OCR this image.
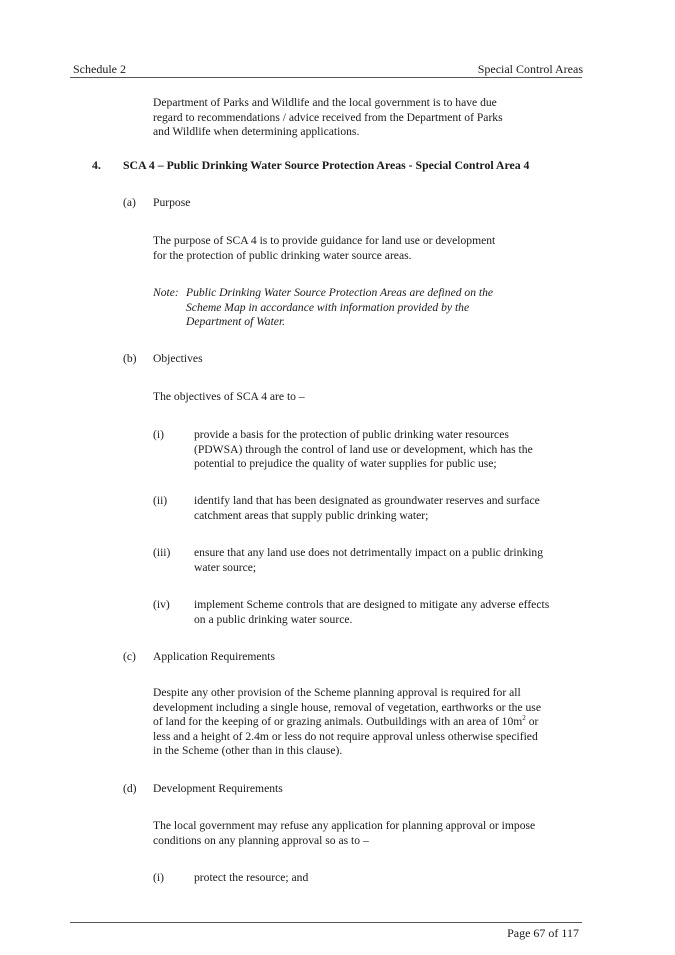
Schedule 2	Special Control Areas
Department of Parks and Wildlife and the local government is to have due
regard to recommendations / advice received from the Department of Parks
and Wildlife when determining applications.
4. SCA 4 – Public Drinking Water Source Protection Areas - Special Control Area 4
(a) Purpose
The purpose of SCA 4 is to provide guidance for land use or development
for the protection of public drinking water source areas.
Note: Public Drinking Water Source Protection Areas are defined on the
Scheme Map in accordance with information provided by the
Department of Water.
(b) Objectives
The objectives of SCA 4 are to –
(i)	provide a basis for the protection of public drinking water resources
(PDWSA) through the control of land use or development, which has the
potential to prejudice the quality of water supplies for public use;
(ii) identify land that has been designated as groundwater reserves and surface
catchment areas that supply public drinking water;
(iii) ensure that any land use does not detrimentally impact on a public drinking
water source;
(iv) implement Scheme controls that are designed to mitigate any adverse effects
on a public drinking water source.
(c) Application Requirements
Despite any other provision of the Scheme planning approval is required for all
development including a single house, removal of vegetation, earthworks or the use
of land for the keeping of or grazing animals. Outbuildings with an area of $10m^2$ or
less and a height of 2.4m or less do not require approval unless otherwise specified
in the Scheme (other than in this clause).
(d) Development Requirements
The local government may refuse any application for planning approval or impose
conditions on any planning approval so as to –
(i)	protect the resource; and
Page 67 of 117
